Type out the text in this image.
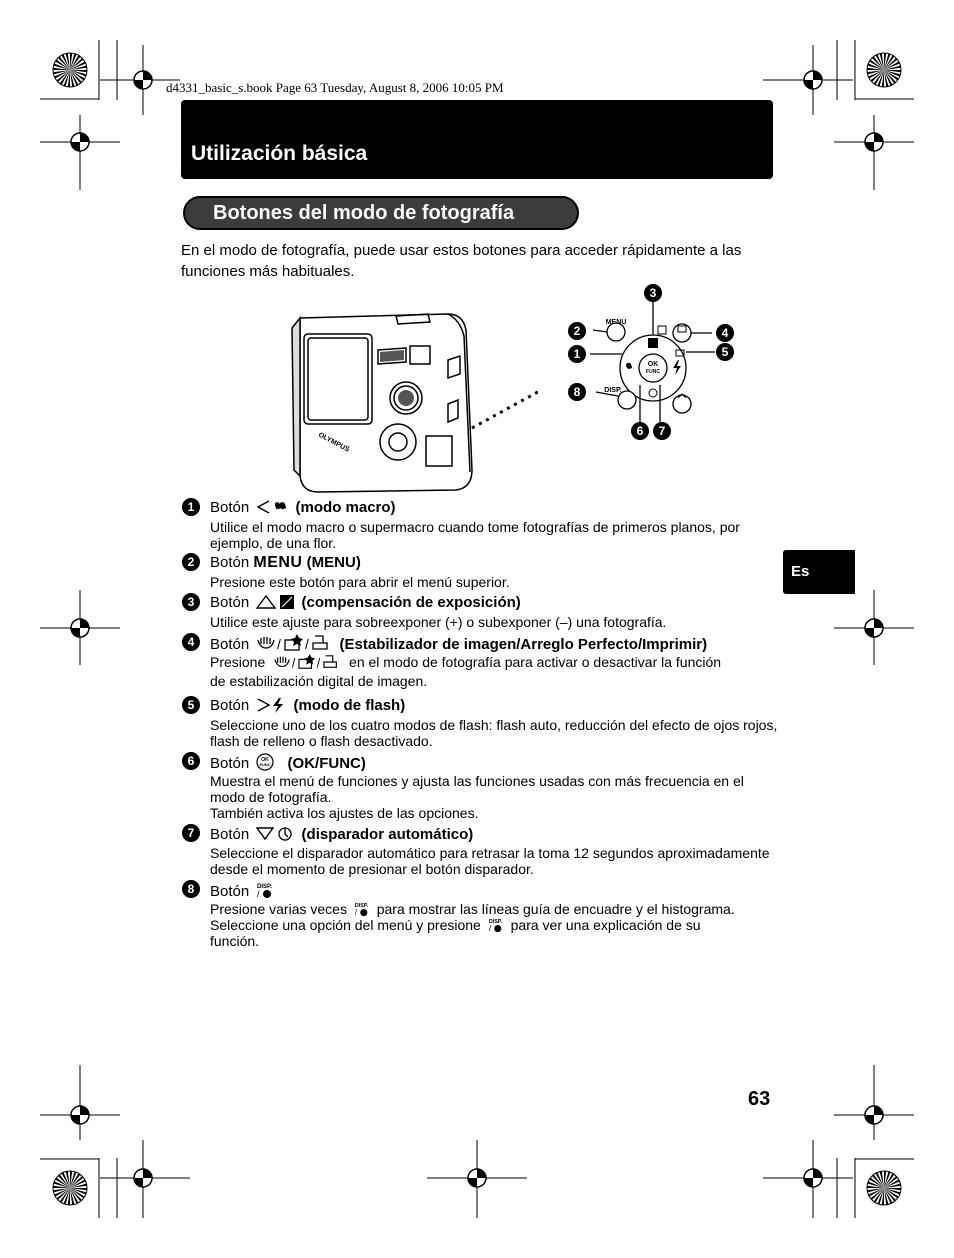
d4331_basic_s.book Page 63 Tuesday, August 8, 2006 10:05 PM
Utilización básica
Botones del modo de fotografía
En el modo de fotografía, puede usar estos botones para acceder rápidamente a las funciones más habituales.
Es
OLYMPUS
MENU
DISP.
OK
FUNC
3
2
1
4
5
8
6	7
1	Botón	(modo macro)
Utilice el modo macro o supermacro cuando tome fotografías de primeros planos, por ejemplo, de una flor.
2	Botón MENU (MENU)
Presione este botón para abrir el menú superior.
3	Botón	(compensación de exposición)
Utilice este ajuste para sobreexponer (+) o subexponer (–) una fotografía.
4	Botón / / (Estabilizador de imagen/Arreglo Perfecto/Imprimir)
Presione / / en el modo de fotografía para activar o desactivar la función
de estabilización digital de imagen.
5	Botón	(modo de flash)
Seleccione uno de los cuatro modos de flash: flash auto, reducción del efecto de ojos rojos, flash de relleno o flash desactivado.
6	Botón OK
FUNC (OK/FUNC)
Muestra el menú de funciones y ajusta las funciones usadas con más frecuencia en el modo de fotografía.
También activa los ajustes de las opciones.
7	Botón	(disparador automático)
Seleccione el disparador automático para retrasar la toma 12 segundos aproximadamente desde el momento de presionar el botón disparador.
8	Botón DISP.
/
Presione varias veces DISP.
/ para mostrar las líneas guía de encuadre y el histograma.
Seleccione una opción del menú y presione DISP.
/ para ver una explicación de su
función.
63
